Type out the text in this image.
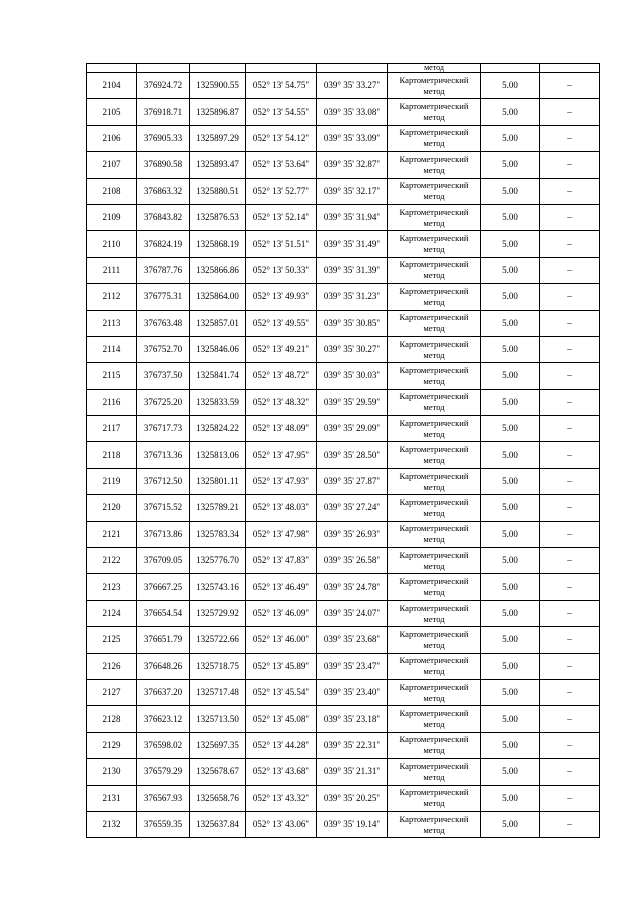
					метод		
2104	376924.72	1325900.55	052° 13' 54.75"	039° 35' 33.27"	Картометрический метод	5.00	–
2105	376918.71	1325896.87	052° 13' 54.55"	039° 35' 33.08"	Картометрический метод	5.00	–
2106	376905.33	1325897.29	052° 13' 54.12"	039° 35' 33.09"	Картометрический метод	5.00	–
2107	376890.58	1325893.47	052° 13' 53.64"	039° 35' 32.87"	Картометрический метод	5.00	–
2108	376863.32	1325880.51	052° 13' 52.77"	039° 35' 32.17"	Картометрический метод	5.00	–
2109	376843.82	1325876.53	052° 13' 52.14"	039° 35' 31.94"	Картометрический метод	5.00	–
2110	376824.19	1325868.19	052° 13' 51.51"	039° 35' 31.49"	Картометрический метод	5.00	–
2111	376787.76	1325866.86	052° 13' 50.33"	039° 35' 31.39"	Картометрический метод	5.00	–
2112	376775.31	1325864.00	052° 13' 49.93"	039° 35' 31.23"	Картометрический метод	5.00	–
2113	376763.48	1325857.01	052° 13' 49.55"	039° 35' 30.85"	Картометрический метод	5.00	–
2114	376752.70	1325846.06	052° 13' 49.21"	039° 35' 30.27"	Картометрический метод	5.00	–
2115	376737.50	1325841.74	052° 13' 48.72"	039° 35' 30.03"	Картометрический метод	5.00	–
2116	376725.20	1325833.59	052° 13' 48.32"	039° 35' 29.59"	Картометрический метод	5.00	–
2117	376717.73	1325824.22	052° 13' 48.09"	039° 35' 29.09"	Картометрический метод	5.00	–
2118	376713.36	1325813.06	052° 13' 47.95"	039° 35' 28.50"	Картометрический метод	5.00	–
2119	376712.50	1325801.11	052° 13' 47.93"	039° 35' 27.87"	Картометрический метод	5.00	–
2120	376715.52	1325789.21	052° 13' 48.03"	039° 35' 27.24"	Картометрический метод	5.00	–
2121	376713.86	1325783.34	052° 13' 47.98"	039° 35' 26.93"	Картометрический метод	5.00	–
2122	376709.05	1325776.70	052° 13' 47.83"	039° 35' 26.58"	Картометрический метод	5.00	–
2123	376667.25	1325743.16	052° 13' 46.49"	039° 35' 24.78"	Картометрический метод	5.00	–
2124	376654.54	1325729.92	052° 13' 46.09"	039° 35' 24.07"	Картометрический метод	5.00	–
2125	376651.79	1325722.66	052° 13' 46.00"	039° 35' 23.68"	Картометрический метод	5.00	–
2126	376648.26	1325718.75	052° 13' 45.89"	039° 35' 23.47"	Картометрический метод	5.00	–
2127	376637.20	1325717.48	052° 13' 45.54"	039° 35' 23.40"	Картометрический метод	5.00	–
2128	376623.12	1325713.50	052° 13' 45.08"	039° 35' 23.18"	Картометрический метод	5.00	–
2129	376598.02	1325697.35	052° 13' 44.28"	039° 35' 22.31"	Картометрический метод	5.00	–
2130	376579.29	1325678.67	052° 13' 43.68"	039° 35' 21.31"	Картометрический метод	5.00	–
2131	376567.93	1325658.76	052° 13' 43.32"	039° 35' 20.25"	Картометрический метод	5.00	–
2132	376559.35	1325637.84	052° 13' 43.06"	039° 35' 19.14"	Картометрический метод	5.00	–
